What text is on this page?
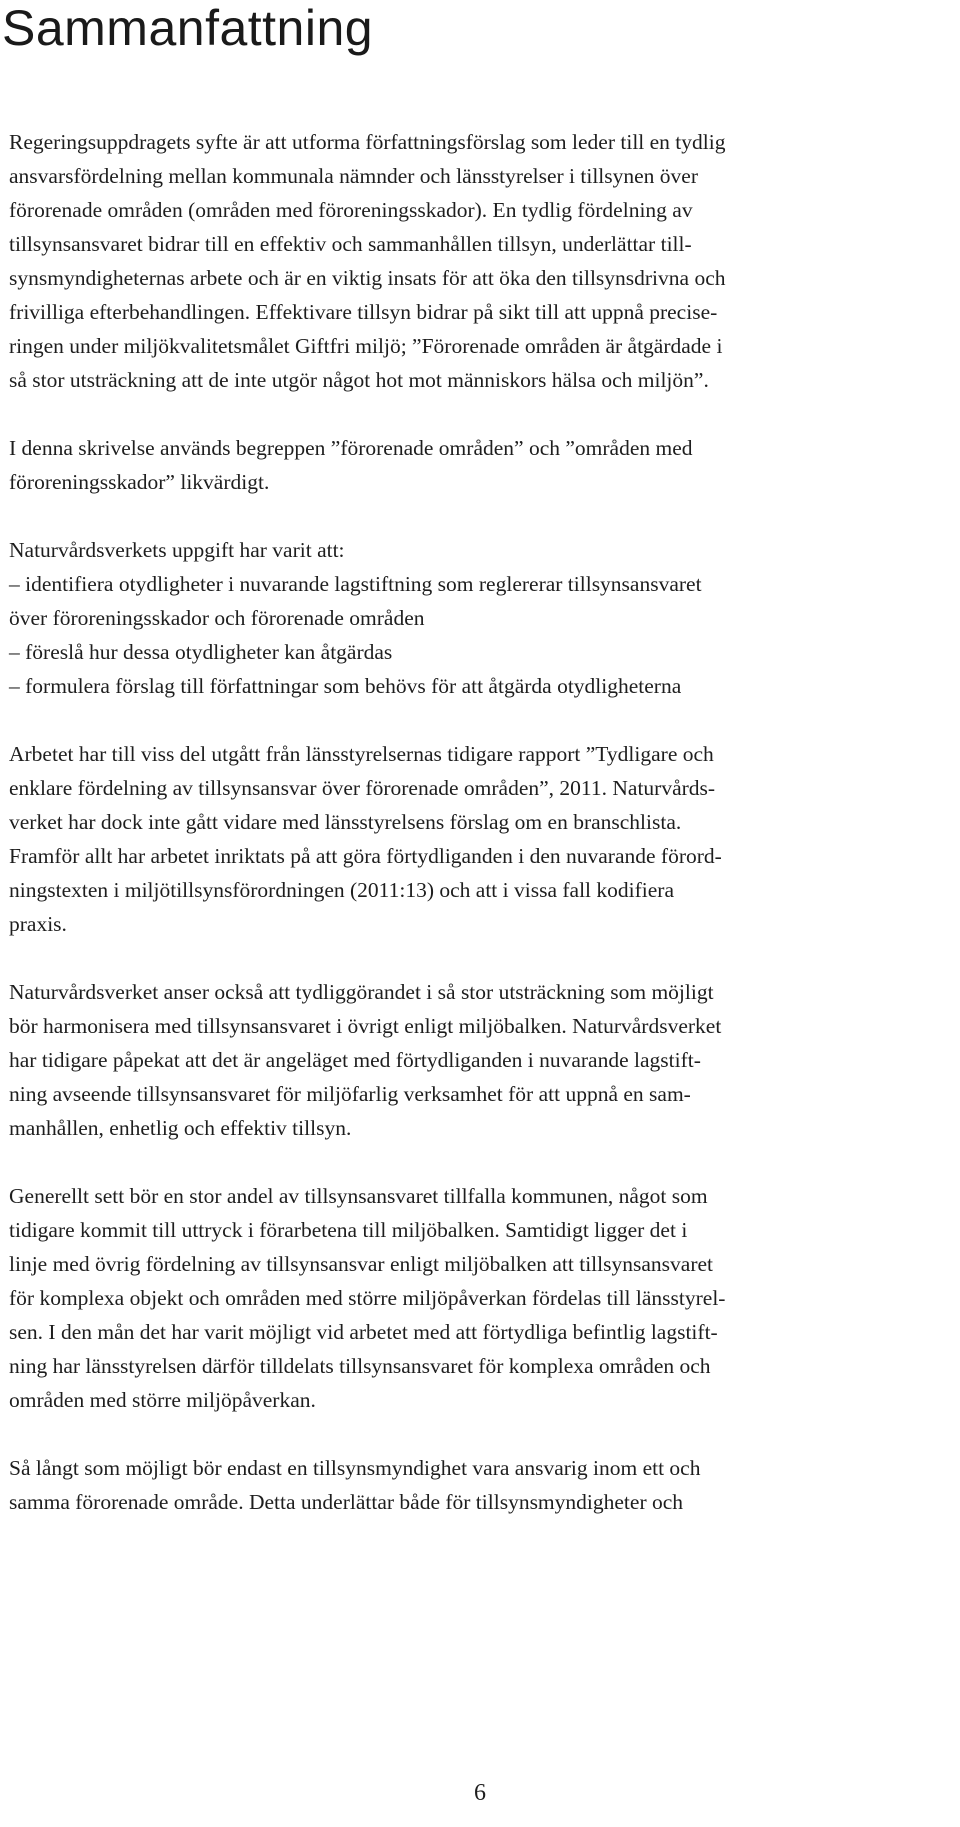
Sammanfattning

Regeringsuppdragets syfte är att utforma författningsförslag som leder till en tydlig
ansvarsfördelning mellan kommunala nämnder och länsstyrelser i tillsynen över
förorenade områden (områden med föroreningsskador). En tydlig fördelning av
tillsynsansvaret bidrar till en effektiv och sammanhållen tillsyn, underlättar till-
synsmyndigheternas arbete och är en viktig insats för att öka den tillsynsdrivna och
frivilliga efterbehandlingen. Effektivare tillsyn bidrar på sikt till att uppnå precise-
ringen under miljökvalitetsmålet Giftfri miljö; ”Förorenade områden är åtgärdade i
så stor utsträckning att de inte utgör något hot mot människors hälsa och miljön”.

I denna skrivelse används begreppen ”förorenade områden” och ”områden med
föroreningsskador” likvärdigt.

Naturvårdsverkets uppgift har varit att:
– identifiera otydligheter i nuvarande lagstiftning som reglererar tillsynsansvaret
över föroreningsskador och förorenade områden
– föreslå hur dessa otydligheter kan åtgärdas
– formulera förslag till författningar som behövs för att åtgärda otydligheterna

Arbetet har till viss del utgått från länsstyrelsernas tidigare rapport ”Tydligare och
enklare fördelning av tillsynsansvar över förorenade områden”, 2011. Naturvårds-
verket har dock inte gått vidare med länsstyrelsens förslag om en branschlista.
Framför allt har arbetet inriktats på att göra förtydliganden i den nuvarande förord-
ningstexten i miljötillsynsförordningen (2011:13) och att i vissa fall kodifiera
praxis.

Naturvårdsverket anser också att tydliggörandet i så stor utsträckning som möjligt
bör harmonisera med tillsynsansvaret i övrigt enligt miljöbalken. Naturvårdsverket
har tidigare påpekat att det är angeläget med förtydliganden i nuvarande lagstift-
ning avseende tillsynsansvaret för miljöfarlig verksamhet för att uppnå en sam-
manhållen, enhetlig och effektiv tillsyn.

Generellt sett bör en stor andel av tillsynsansvaret tillfalla kommunen, något som
tidigare kommit till uttryck i förarbetena till miljöbalken. Samtidigt ligger det i
linje med övrig fördelning av tillsynsansvar enligt miljöbalken att tillsynsansvaret
för komplexa objekt och områden med större miljöpåverkan fördelas till länsstyrel-
sen. I den mån det har varit möjligt vid arbetet med att förtydliga befintlig lagstift-
ning har länsstyrelsen därför tilldelats tillsynsansvaret för komplexa områden och
områden med större miljöpåverkan.

Så långt som möjligt bör endast en tillsynsmyndighet vara ansvarig inom ett och
samma förorenade område. Detta underlättar både för tillsynsmyndigheter och

6
